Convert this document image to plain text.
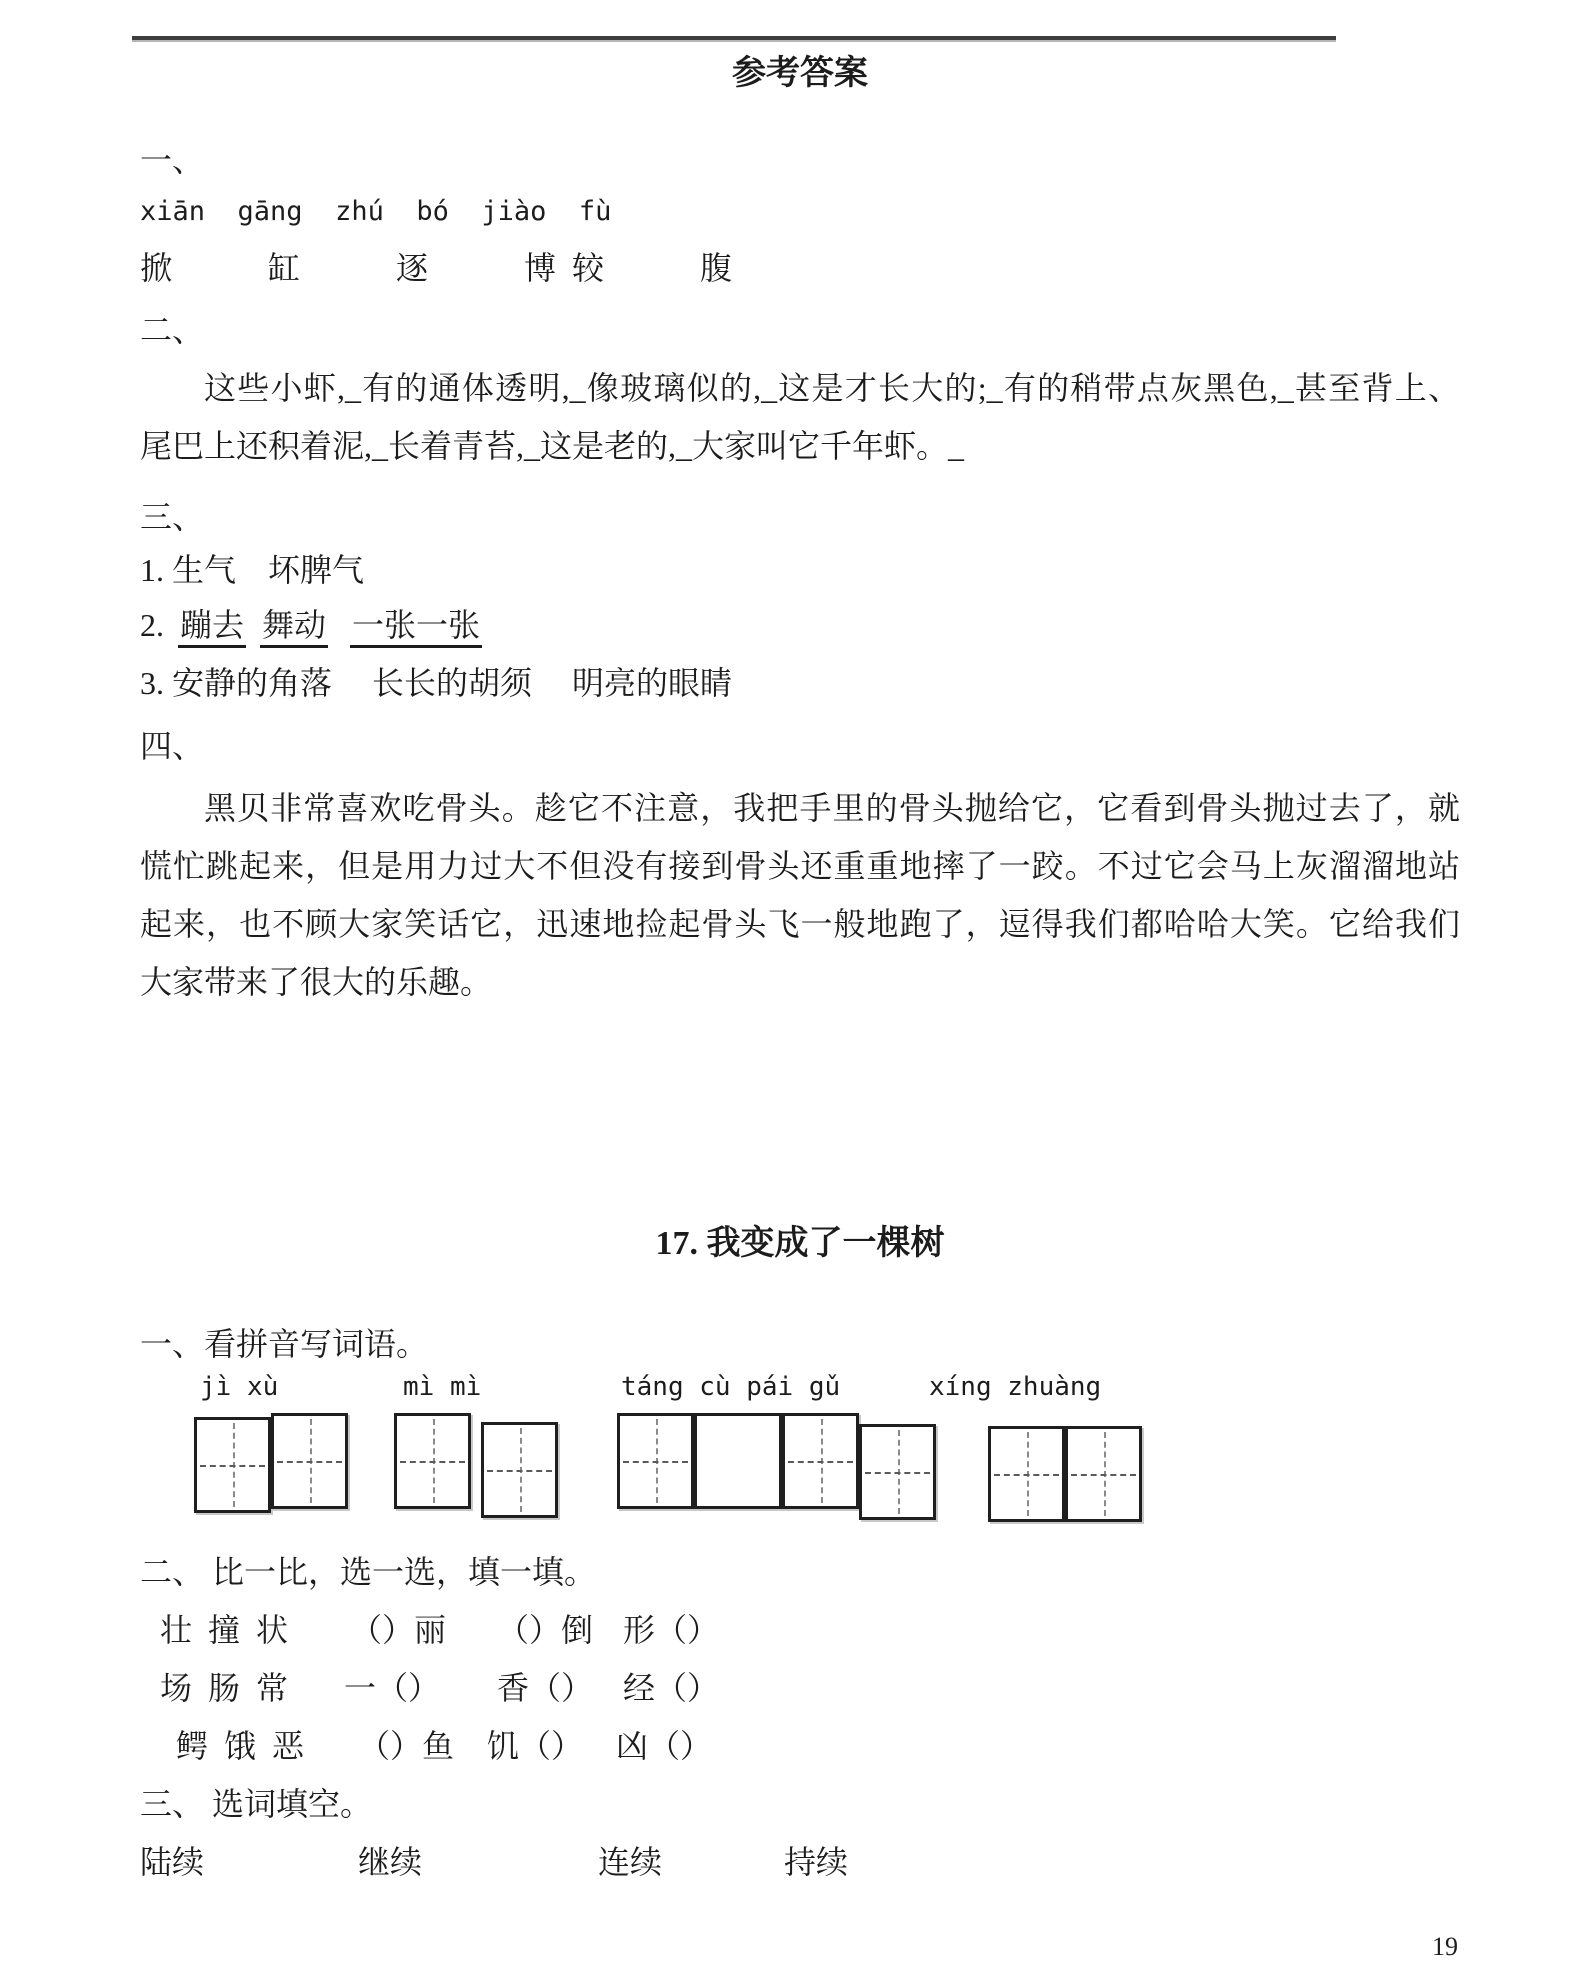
参考答案
一、
xiān  gāng  zhú  bó  jiào  fù
掀　　　缸　　　逐　　　博  较　　　腹
二、
这些小虾,_有的通体透明,_像玻璃似的,_这是才长大的;_有的稍带点灰黑色,_甚至背上、
尾巴上还积着泥,_长着青苔,_这是老的,_大家叫它千年虾。_
三、
1. 生气　坏脾气
2. 蹦去 舞动 一张一张
3. 安静的角落　 长长的胡须　 明亮的眼睛
四、
黑贝非常喜欢吃骨头。趁它不注意，我把手里的骨头抛给它，它看到骨头抛过去了，就
慌忙跳起来，但是用力过大不但没有接到骨头还重重地摔了一跤。不过它会马上灰溜溜地站
起来，也不顾大家笑话它，迅速地捡起骨头飞一般地跑了，逗得我们都哈哈大笑。它给我们
大家带来了很大的乐趣。
17. 我变成了一棵树
一、看拼音写词语。
jì xù	mì mì	táng cù pái gǔ	xíng zhuàng
二、 比一比，选一选，填一填。
壮  撞  状 （）丽 （）倒 形（）
场  肠  常 一（） 香（） 经（）
鳄  饿  恶 （）鱼 饥（） 凶（）
三、 选词填空。
陆续	继续	连续	持续
19
